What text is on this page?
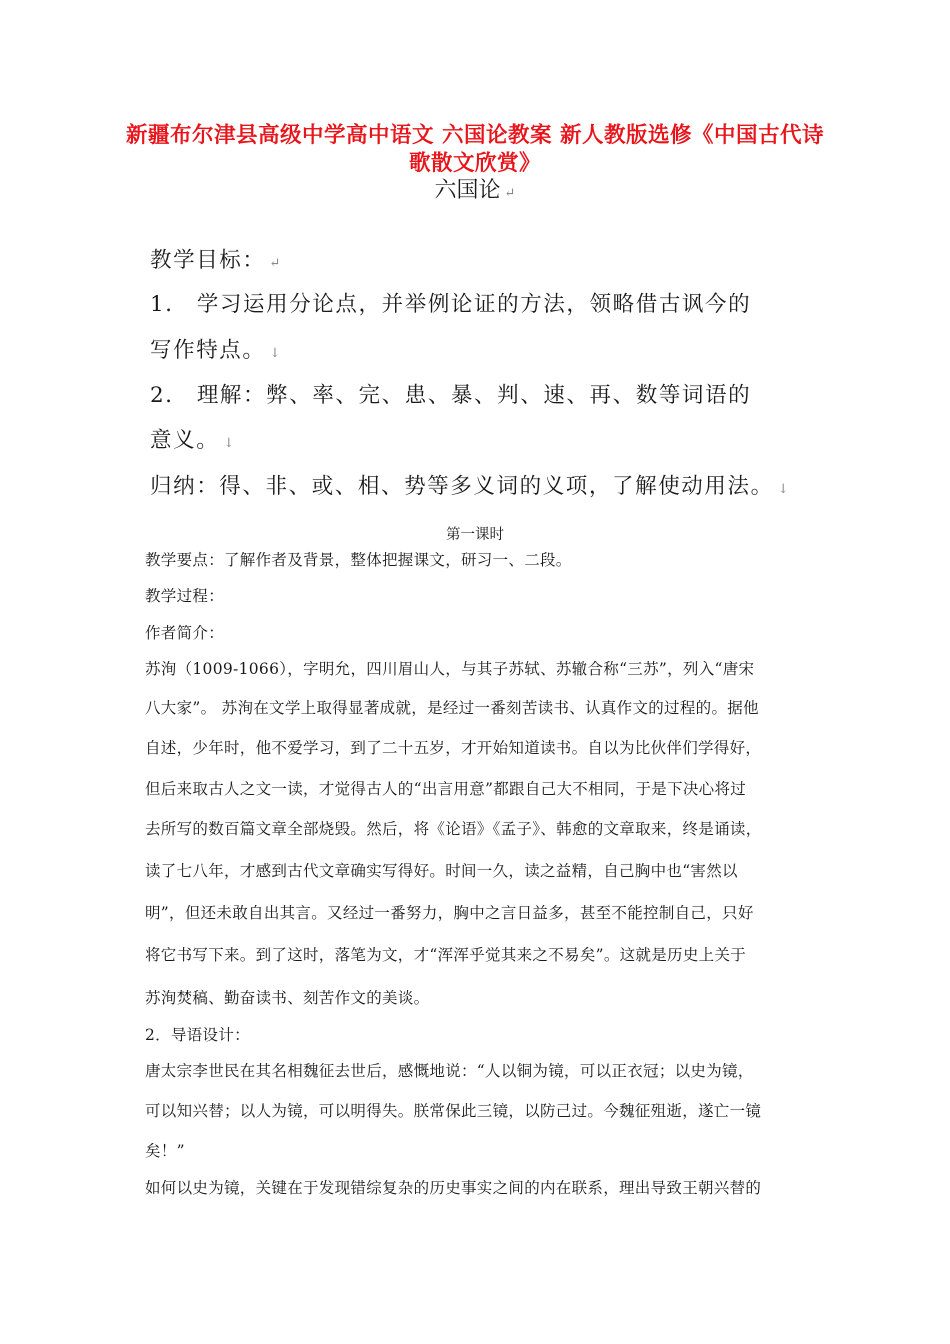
新疆布尔津县高级中学高中语文 六国论教案 新人教版选修《中国古代诗歌散文欣赏》
六国论 ↵
教学目标： ↵
1． 学习运用分论点，并举例论证的方法，领略借古讽今的
写作特点。 ↓
2． 理解：弊、率、完、患、暴、判、速、再、数等词语的
意义。 ↓
归纳：得、非、或、相、势等多义词的义项，了解使动用法。 ↓
第一课时
教学要点：了解作者及背景，整体把握课文，研习一、二段。
教学过程：
作者简介：
苏洵（1009-1066），字明允，四川眉山人，与其子苏轼、苏辙合称“三苏”，列入“唐宋
八大家”。 苏洵在文学上取得显著成就，是经过一番刻苦读书、认真作文的过程的。据他
自述，少年时，他不爱学习，到了二十五岁，才开始知道读书。自以为比伙伴们学得好，
但后来取古人之文一读，才觉得古人的“出言用意”都跟自己大不相同，于是下决心将过
去所写的数百篇文章全部烧毁。然后，将《论语》《孟子》、韩愈的文章取来，终是诵读，
读了七八年，才感到古代文章确实写得好。时间一久，读之益精，自己胸中也“害然以
明”，但还未敢自出其言。又经过一番努力，胸中之言日益多，甚至不能控制自己，只好
将它书写下来。到了这时，落笔为文，才“浑浑乎觉其来之不易矣”。这就是历史上关于
苏洵焚稿、勤奋读书、刻苦作文的美谈。
2．导语设计：
唐太宗李世民在其名相魏征去世后，感慨地说：“人以铜为镜，可以正衣冠；以史为镜，
可以知兴替；以人为镜，可以明得失。朕常保此三镜，以防己过。今魏征殂逝，遂亡一镜
矣！”
如何以史为镜，关键在于发现错综复杂的历史事实之间的内在联系，理出导致王朝兴替的
